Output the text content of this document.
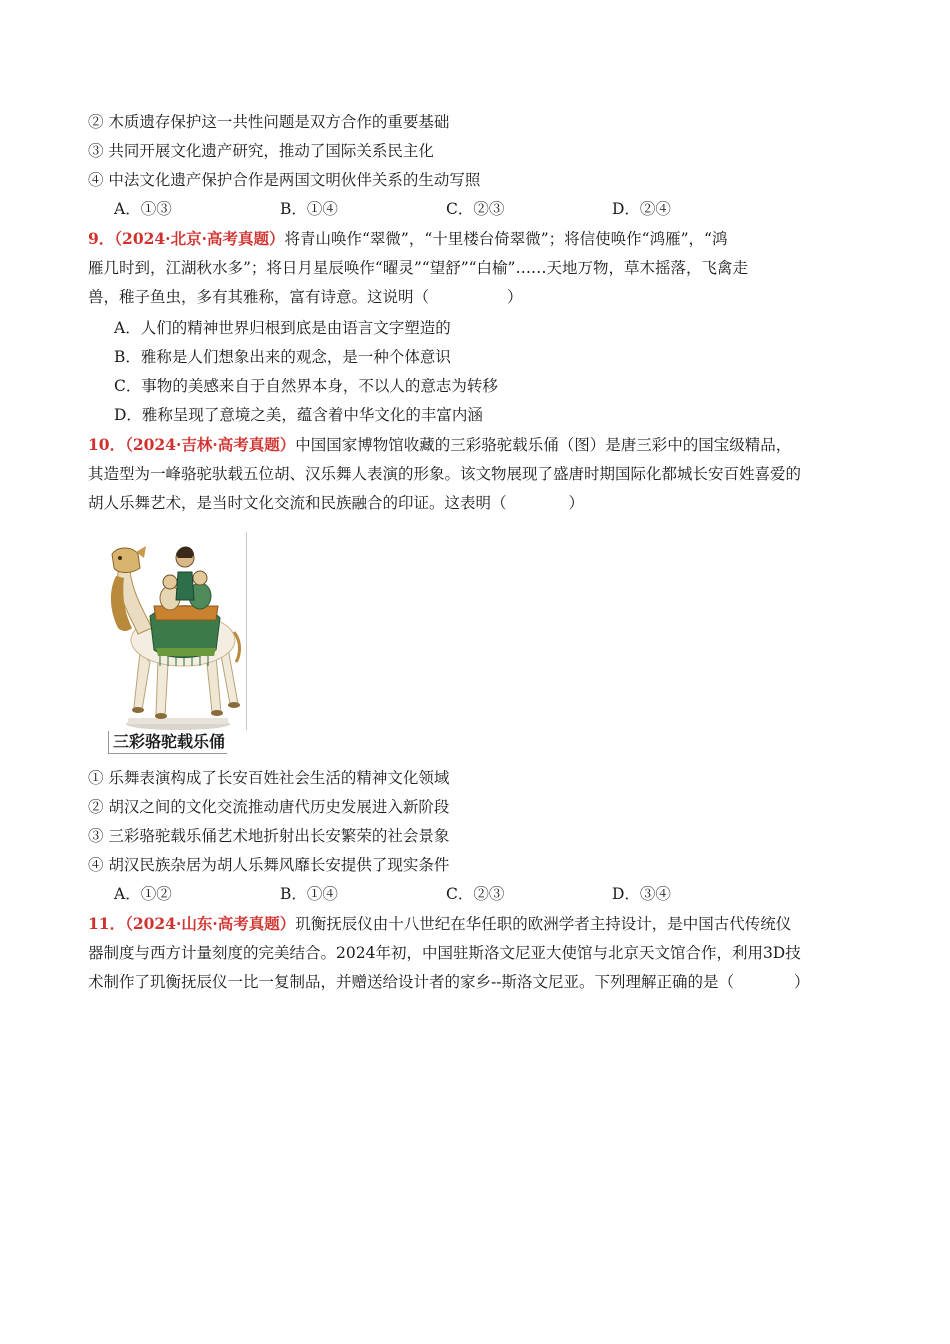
② 木质遗存保护这一共性问题是双方合作的重要基础
③ 共同开展文化遗产研究，推动了国际关系民主化
④ 中法文化遗产保护合作是两国文明伙伴关系的生动写照
A．①③	B．①④	C．②③	D．②④
9．（2024·北京·高考真题）将青山唤作“翠微”，“十里楼台倚翠微”；将信使唤作“鸿雁”，“鸿
雁几时到，江湖秋水多”；将日月星辰唤作“曜灵”“望舒”“白榆”……天地万物，草木摇落，飞禽走
兽，稚子鱼虫，多有其雅称，富有诗意。这说明（	）
A．人们的精神世界归根到底是由语言文字塑造的
B．雅称是人们想象出来的观念，是一种个体意识
C．事物的美感来自于自然界本身，不以人的意志为转移
D．雅称呈现了意境之美，蕴含着中华文化的丰富内涵
10．（2024·吉林·高考真题）中国国家博物馆收藏的三彩骆驼载乐俑（图）是唐三彩中的国宝级精品，
其造型为一峰骆驼驮载五位胡、汉乐舞人表演的形象。该文物展现了盛唐时期国际化都城长安百姓喜爱的
胡人乐舞艺术，是当时文化交流和民族融合的印证。这表明（	）
三彩骆驼载乐俑
① 乐舞表演构成了长安百姓社会生活的精神文化领域
② 胡汉之间的文化交流推动唐代历史发展进入新阶段
③ 三彩骆驼载乐俑艺术地折射出长安繁荣的社会景象
④ 胡汉民族杂居为胡人乐舞风靡长安提供了现实条件
A．①②	B．①④	C．②③	D．③④
11．（2024·山东·高考真题）玑衡抚辰仪由十八世纪在华任职的欧洲学者主持设计，是中国古代传统仪
器制度与西方计量刻度的完美结合。2024年初，中国驻斯洛文尼亚大使馆与北京天文馆合作，利用3D技
术制作了玑衡抚辰仪一比一复制品，并赠送给设计者的家乡--斯洛文尼亚。下列理解正确的是（	）
